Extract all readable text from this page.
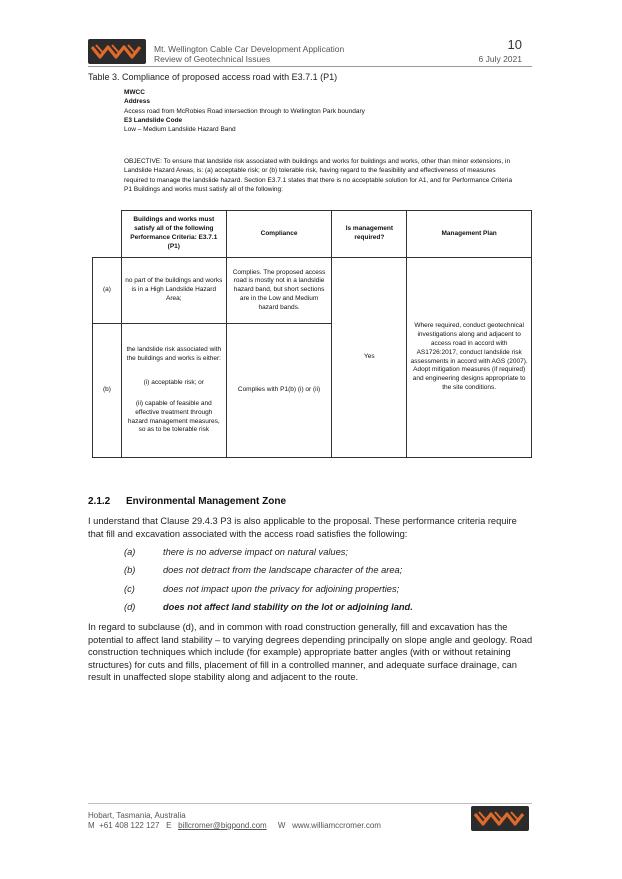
Mt. Wellington Cable Car Development Application
Review of Geotechnical Issues
10
6 July 2021
Table 3. Compliance of proposed access road with E3.7.1 (P1)
MWCC
Address
Access road from McRobies Road intersection through to Wellington Park boundary
E3 Landslide Code
Low – Medium Landslide Hazard Band
OBJECTIVE: To ensure that landslide risk associated with buildings and works for buildings and works, other than minor extensions, in Landslide Hazard Areas, is: (a) acceptable risk; or (b) tolerable risk, having regard to the feasibility and effectiveness of measures required to manage the landslide hazard. Section E3.7.1 states that there is no acceptable solution for A1, and for Performance Criteria P1 Buildings and works must satisfy all of the following:
	Buildings and works must satisfy all of the following Performance Criteria: E3.7.1 (P1)	Compliance	Is management required?	Management Plan
(a)	no part of the buildings and works is in a High Landslide Hazard Area;	Complies. The proposed access road is mostly not in a landsldie hazard band, but short sections are in the Low and Medium hazard bands.	Yes	Where required, conduct geotechnical investigations along and adjacent to access road in accord with AS1726:2017, conduct landslide risk assessments in accord with AGS (2007). Adopt mitigation measures (if required) and engineering designs appropriate to the site conditions.
(b)	the landslide risk associated with the buildings and works is either:
(i) acceptable risk; or
(ii) capable of feasible and effective treatment through hazard management measures, so as to be tolerable risk	Complies with P1(b) (i) or (ii)		
2.1.2 Environmental Management Zone
I understand that Clause 29.4.3 P3 is also applicable to the proposal. These performance criteria require that fill and excavation associated with the access road satisfies the following:
(a)	there is no adverse impact on natural values;
(b)	does not detract from the landscape character of the area;
(c)	does not impact upon the privacy for adjoining properties;
(d)	does not affect land stability on the lot or adjoining land.
In regard to subclause (d), and in common with road construction generally, fill and excavation has the potential to affect land stability – to varying degrees depending principally on slope angle and geology. Road construction techniques which include (for example) appropriate batter angles (with or without retaining structures) for cuts and fills, placement of fill in a controlled manner, and adequate surface drainage, can result in unaffected slope stability along and adjacent to the route.
Hobart, Tasmania, Australia
M +61 408 122 127 E billcromer@bigpond.com W www.williamccromer.com
